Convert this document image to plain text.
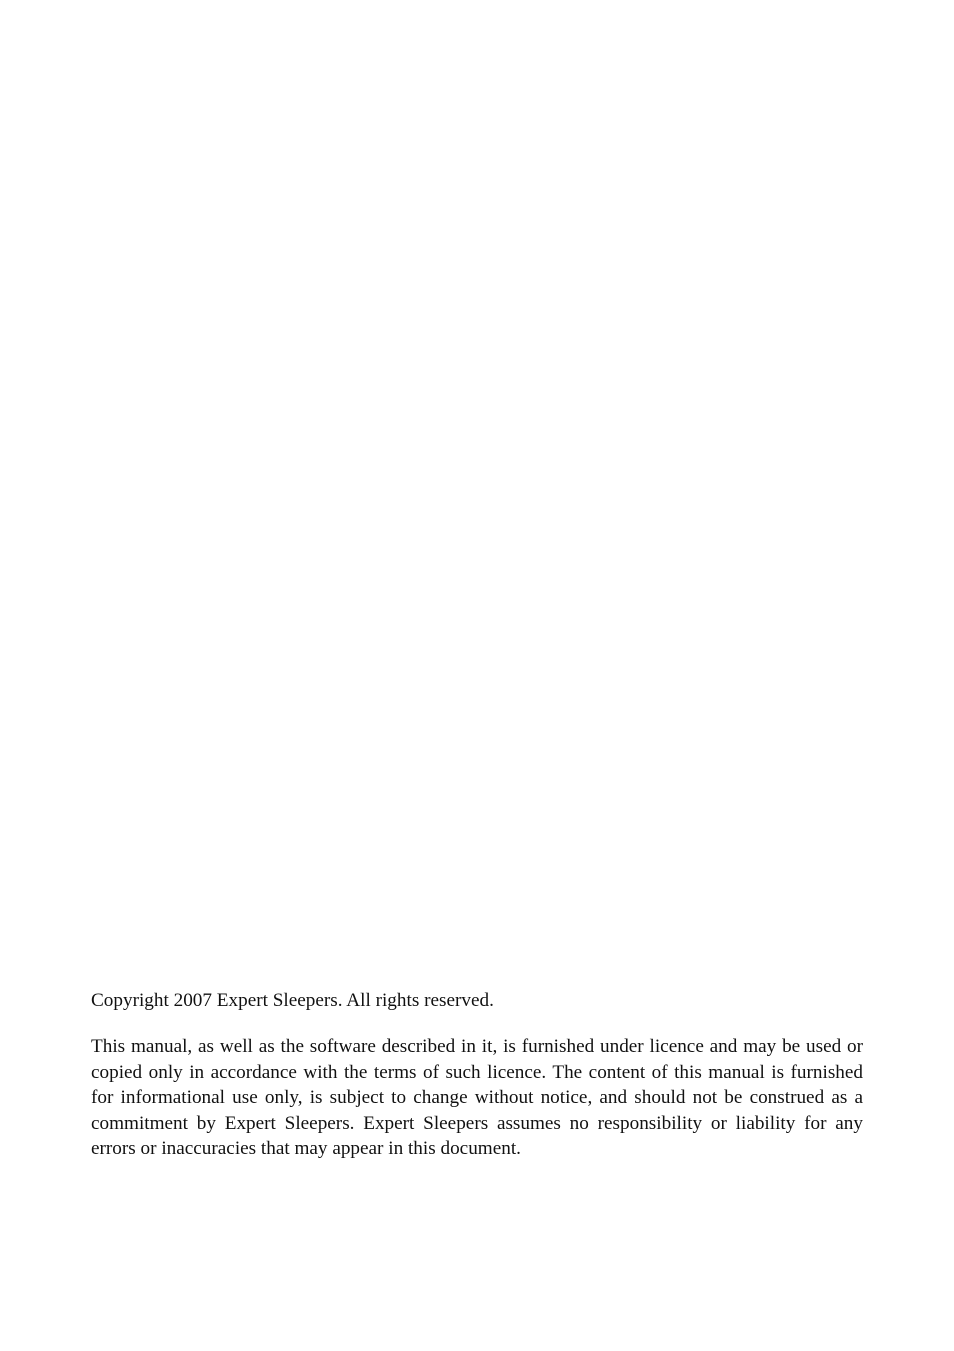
Copyright 2007 Expert Sleepers. All rights reserved.

This manual, as well as the software described in it, is furnished under licence and may be used or copied only in accordance with the terms of such licence. The content of this manual is furnished for informational use only, is subject to change without notice, and should not be construed as a commitment by Expert Sleepers. Expert Sleepers assumes no responsibility or liability for any errors or inaccuracies that may appear in this document.
